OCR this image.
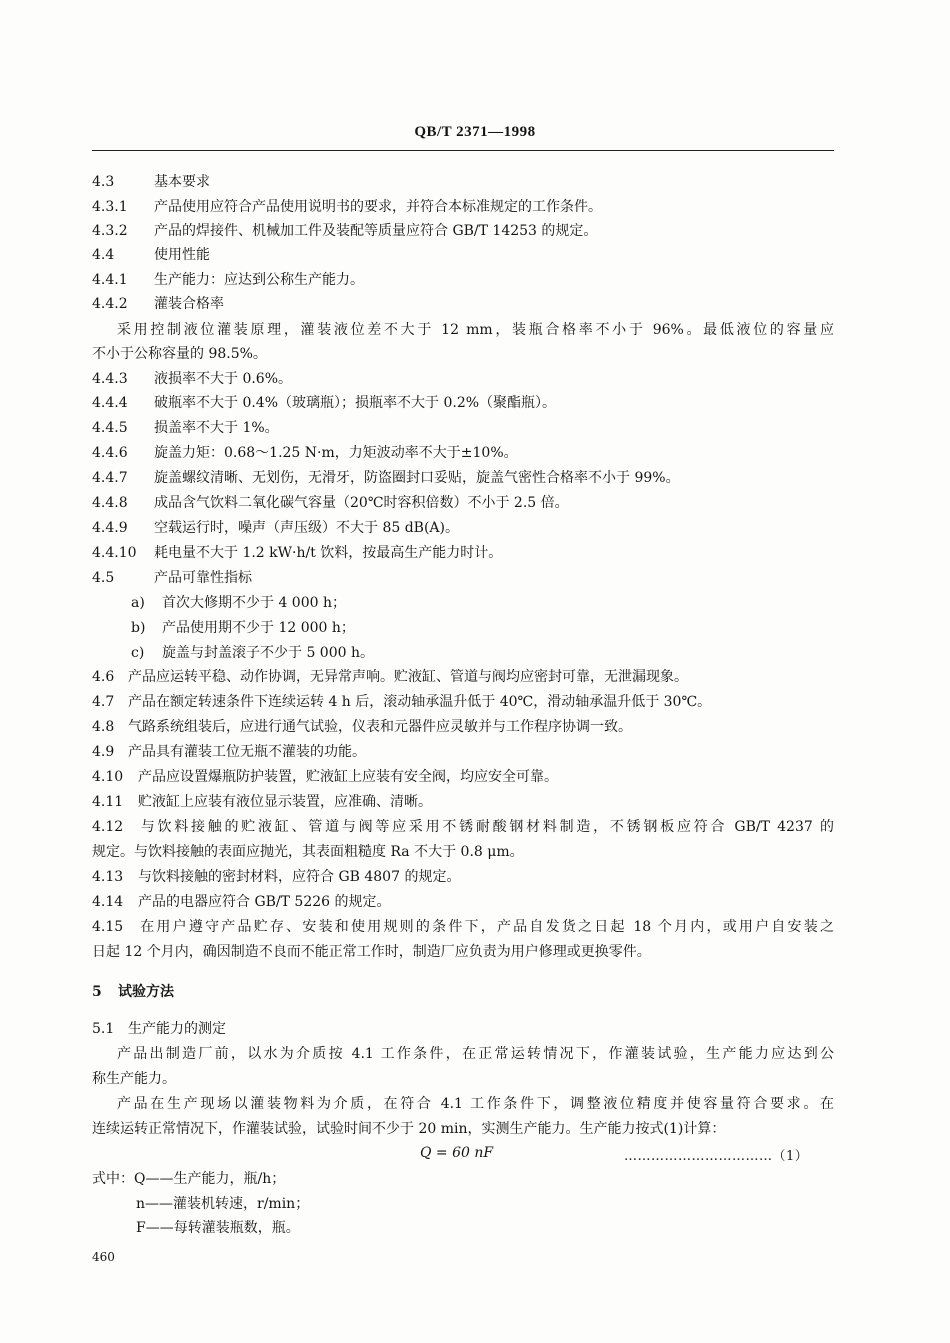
QB/T 2371—1998
4.3	基本要求
4.3.1 产品使用应符合产品使用说明书的要求，并符合本标准规定的工作条件。
4.3.2 产品的焊接件、机械加工件及装配等质量应符合 GB/T 14253 的规定。
4.4	使用性能
4.4.1 生产能力：应达到公称生产能力。
4.4.2 灌装合格率
采用控制液位灌装原理，灌装液位差不大于 12 mm，装瓶合格率不小于 96%。最低液位的容量应
不小于公称容量的 98.5%。
4.4.3 液损率不大于 0.6%。
4.4.4 破瓶率不大于 0.4%（玻璃瓶）；损瓶率不大于 0.2%（聚酯瓶）。
4.4.5 损盖率不大于 1%。
4.4.6 旋盖力矩：0.68～1.25 N·m，力矩波动率不大于±10%。
4.4.7 旋盖螺纹清晰、无划伤，无滑牙，防盗圈封口妥贴，旋盖气密性合格率不小于 99%。
4.4.8 成品含气饮料二氧化碳气容量（20℃时容积倍数）不小于 2.5 倍。
4.4.9 空载运行时，噪声（声压级）不大于 85 dB(A)。
4.4.10 耗电量不大于 1.2 kW·h/t 饮料，按最高生产能力时计。
4.5	产品可靠性指标
a) 首次大修期不少于 4 000 h；
b) 产品使用期不少于 12 000 h；
c) 旋盖与封盖滚子不少于 5 000 h。
4.6 产品应运转平稳、动作协调，无异常声响。贮液缸、管道与阀均应密封可靠，无泄漏现象。
4.7 产品在额定转速条件下连续运转 4 h 后，滚动轴承温升低于 40℃，滑动轴承温升低于 30℃。
4.8 气路系统组装后，应进行通气试验，仪表和元器件应灵敏并与工作程序协调一致。
4.9 产品具有灌装工位无瓶不灌装的功能。
4.10 产品应设置爆瓶防护装置，贮液缸上应装有安全阀，均应安全可靠。
4.11 贮液缸上应装有液位显示装置，应准确、清晰。
4.12 与饮料接触的贮液缸、管道与阀等应采用不锈耐酸钢材料制造，不锈钢板应符合 GB/T 4237 的
规定。与饮料接触的表面应抛光，其表面粗糙度 Ra 不大于 0.8 μm。
4.13 与饮料接触的密封材料，应符合 GB 4807 的规定。
4.14 产品的电器应符合 GB/T 5226 的规定。
4.15 在用户遵守产品贮存、安装和使用规则的条件下，产品自发货之日起 18 个月内，或用户自安装之
日起 12 个月内，确因制造不良而不能正常工作时，制造厂应负责为用户修理或更换零件。
5 试验方法
5.1 生产能力的测定
产品出制造厂前，以水为介质按 4.1 工作条件，在正常运转情况下，作灌装试验，生产能力应达到公
称生产能力。
产品在生产现场以灌装物料为介质，在符合 4.1 工作条件下，调整液位精度并使容量符合要求。在
连续运转正常情况下，作灌装试验，试验时间不少于 20 min，实测生产能力。生产能力按式(1)计算：
Q = 60 nF	……………………………（1）
式中：Q——生产能力，瓶/h；
n——灌装机转速，r/min；
F——每转灌装瓶数，瓶。
460
